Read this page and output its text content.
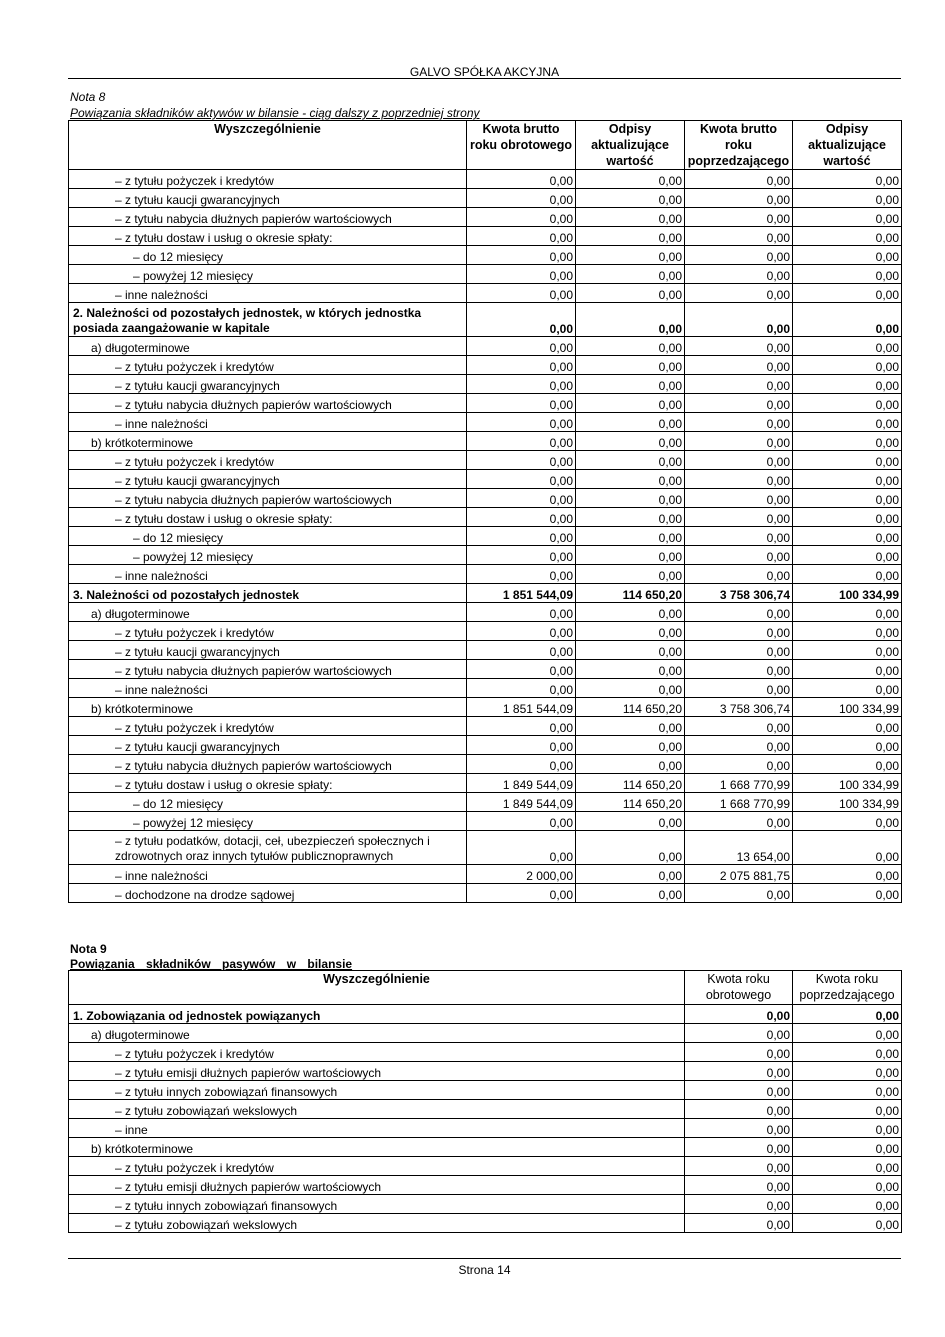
GALVO SPÓŁKA AKCYJNA
Nota 8
Powiązania składników aktywów w bilansie - ciąg dalszy z poprzedniej strony
Wyszczególnienie	Kwota brutto roku obrotowego	Odpisy aktualizujące wartość	Kwota brutto roku poprzedzającego	Odpisy aktualizujące wartość
– z tytułu pożyczek i kredytów	0,00	0,00	0,00	0,00
– z tytułu kaucji gwarancyjnych	0,00	0,00	0,00	0,00
– z tytułu nabycia dłużnych papierów wartościowych	0,00	0,00	0,00	0,00
– z tytułu dostaw i usług o okresie spłaty:	0,00	0,00	0,00	0,00
– do 12 miesięcy	0,00	0,00	0,00	0,00
– powyżej 12 miesięcy	0,00	0,00	0,00	0,00
– inne należności	0,00	0,00	0,00	0,00
2. Należności od pozostałych jednostek, w których jednostka posiada zaangażowanie w kapitale	0,00	0,00	0,00	0,00
a) długoterminowe	0,00	0,00	0,00	0,00
– z tytułu pożyczek i kredytów	0,00	0,00	0,00	0,00
– z tytułu kaucji gwarancyjnych	0,00	0,00	0,00	0,00
– z tytułu nabycia dłużnych papierów wartościowych	0,00	0,00	0,00	0,00
– inne należności	0,00	0,00	0,00	0,00
b) krótkoterminowe	0,00	0,00	0,00	0,00
– z tytułu pożyczek i kredytów	0,00	0,00	0,00	0,00
– z tytułu kaucji gwarancyjnych	0,00	0,00	0,00	0,00
– z tytułu nabycia dłużnych papierów wartościowych	0,00	0,00	0,00	0,00
– z tytułu dostaw i usług o okresie spłaty:	0,00	0,00	0,00	0,00
– do 12 miesięcy	0,00	0,00	0,00	0,00
– powyżej 12 miesięcy	0,00	0,00	0,00	0,00
– inne należności	0,00	0,00	0,00	0,00
3. Należności od pozostałych jednostek	1 851 544,09	114 650,20	3 758 306,74	100 334,99
a) długoterminowe	0,00	0,00	0,00	0,00
– z tytułu pożyczek i kredytów	0,00	0,00	0,00	0,00
– z tytułu kaucji gwarancyjnych	0,00	0,00	0,00	0,00
– z tytułu nabycia dłużnych papierów wartościowych	0,00	0,00	0,00	0,00
– inne należności	0,00	0,00	0,00	0,00
b) krótkoterminowe	1 851 544,09	114 650,20	3 758 306,74	100 334,99
– z tytułu pożyczek i kredytów	0,00	0,00	0,00	0,00
– z tytułu kaucji gwarancyjnych	0,00	0,00	0,00	0,00
– z tytułu nabycia dłużnych papierów wartościowych	0,00	0,00	0,00	0,00
– z tytułu dostaw i usług o okresie spłaty:	1 849 544,09	114 650,20	1 668 770,99	100 334,99
– do 12 miesięcy	1 849 544,09	114 650,20	1 668 770,99	100 334,99
– powyżej 12 miesięcy	0,00	0,00	0,00	0,00
– z tytułu podatków, dotacji, ceł, ubezpieczeń społecznych i zdrowotnych oraz innych tytułów publicznoprawnych	0,00	0,00	13 654,00	0,00
– inne należności	2 000,00	0,00	2 075 881,75	0,00
– dochodzone na drodze sądowej	0,00	0,00	0,00	0,00
Nota 9
Powiązania składników pasywów w bilansie
Wyszczególnienie	Kwota roku obrotowego	Kwota roku poprzedzającego
1. Zobowiązania od jednostek powiązanych	0,00	0,00
a) długoterminowe	0,00	0,00
– z tytułu pożyczek i kredytów	0,00	0,00
– z tytułu emisji dłużnych papierów wartościowych	0,00	0,00
– z tytułu innych zobowiązań finansowych	0,00	0,00
– z tytułu zobowiązań wekslowych	0,00	0,00
– inne	0,00	0,00
b) krótkoterminowe	0,00	0,00
– z tytułu pożyczek i kredytów	0,00	0,00
– z tytułu emisji dłużnych papierów wartościowych	0,00	0,00
– z tytułu innych zobowiązań finansowych	0,00	0,00
– z tytułu zobowiązań wekslowych	0,00	0,00
Strona 14
